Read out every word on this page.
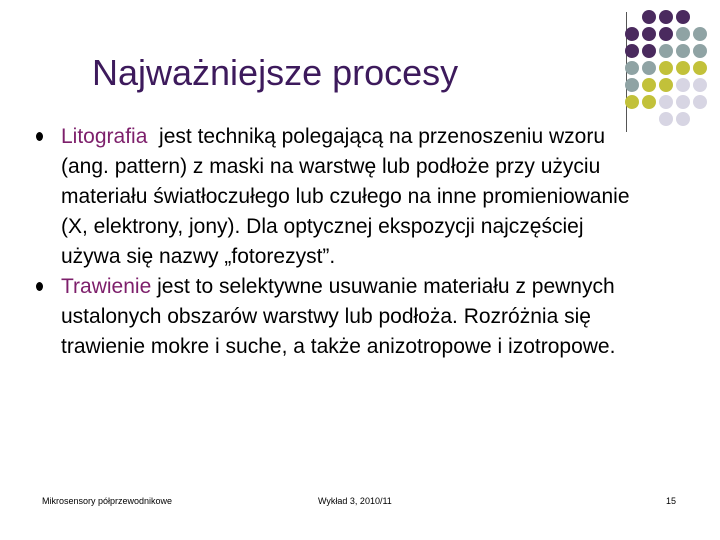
Najważniejsze procesy
Litografia  jest techniką polegającą na przenoszeniu wzoru (ang. pattern) z maski na warstwę lub podłoże przy użyciu materiału światłoczułego lub czułego na inne promieniowanie (X, elektrony, jony). Dla optycznej ekspozycji najczęściej używa się nazwy „fotorezyst”.
Trawienie jest to selektywne usuwanie materiału z pewnych ustalonych obszarów warstwy lub podłoża. Rozróżnia się trawienie mokre i suche, a także anizotropowe i izotropowe.
Mikrosensory półprzewodnikowe	Wykład 3, 2010/11	15
